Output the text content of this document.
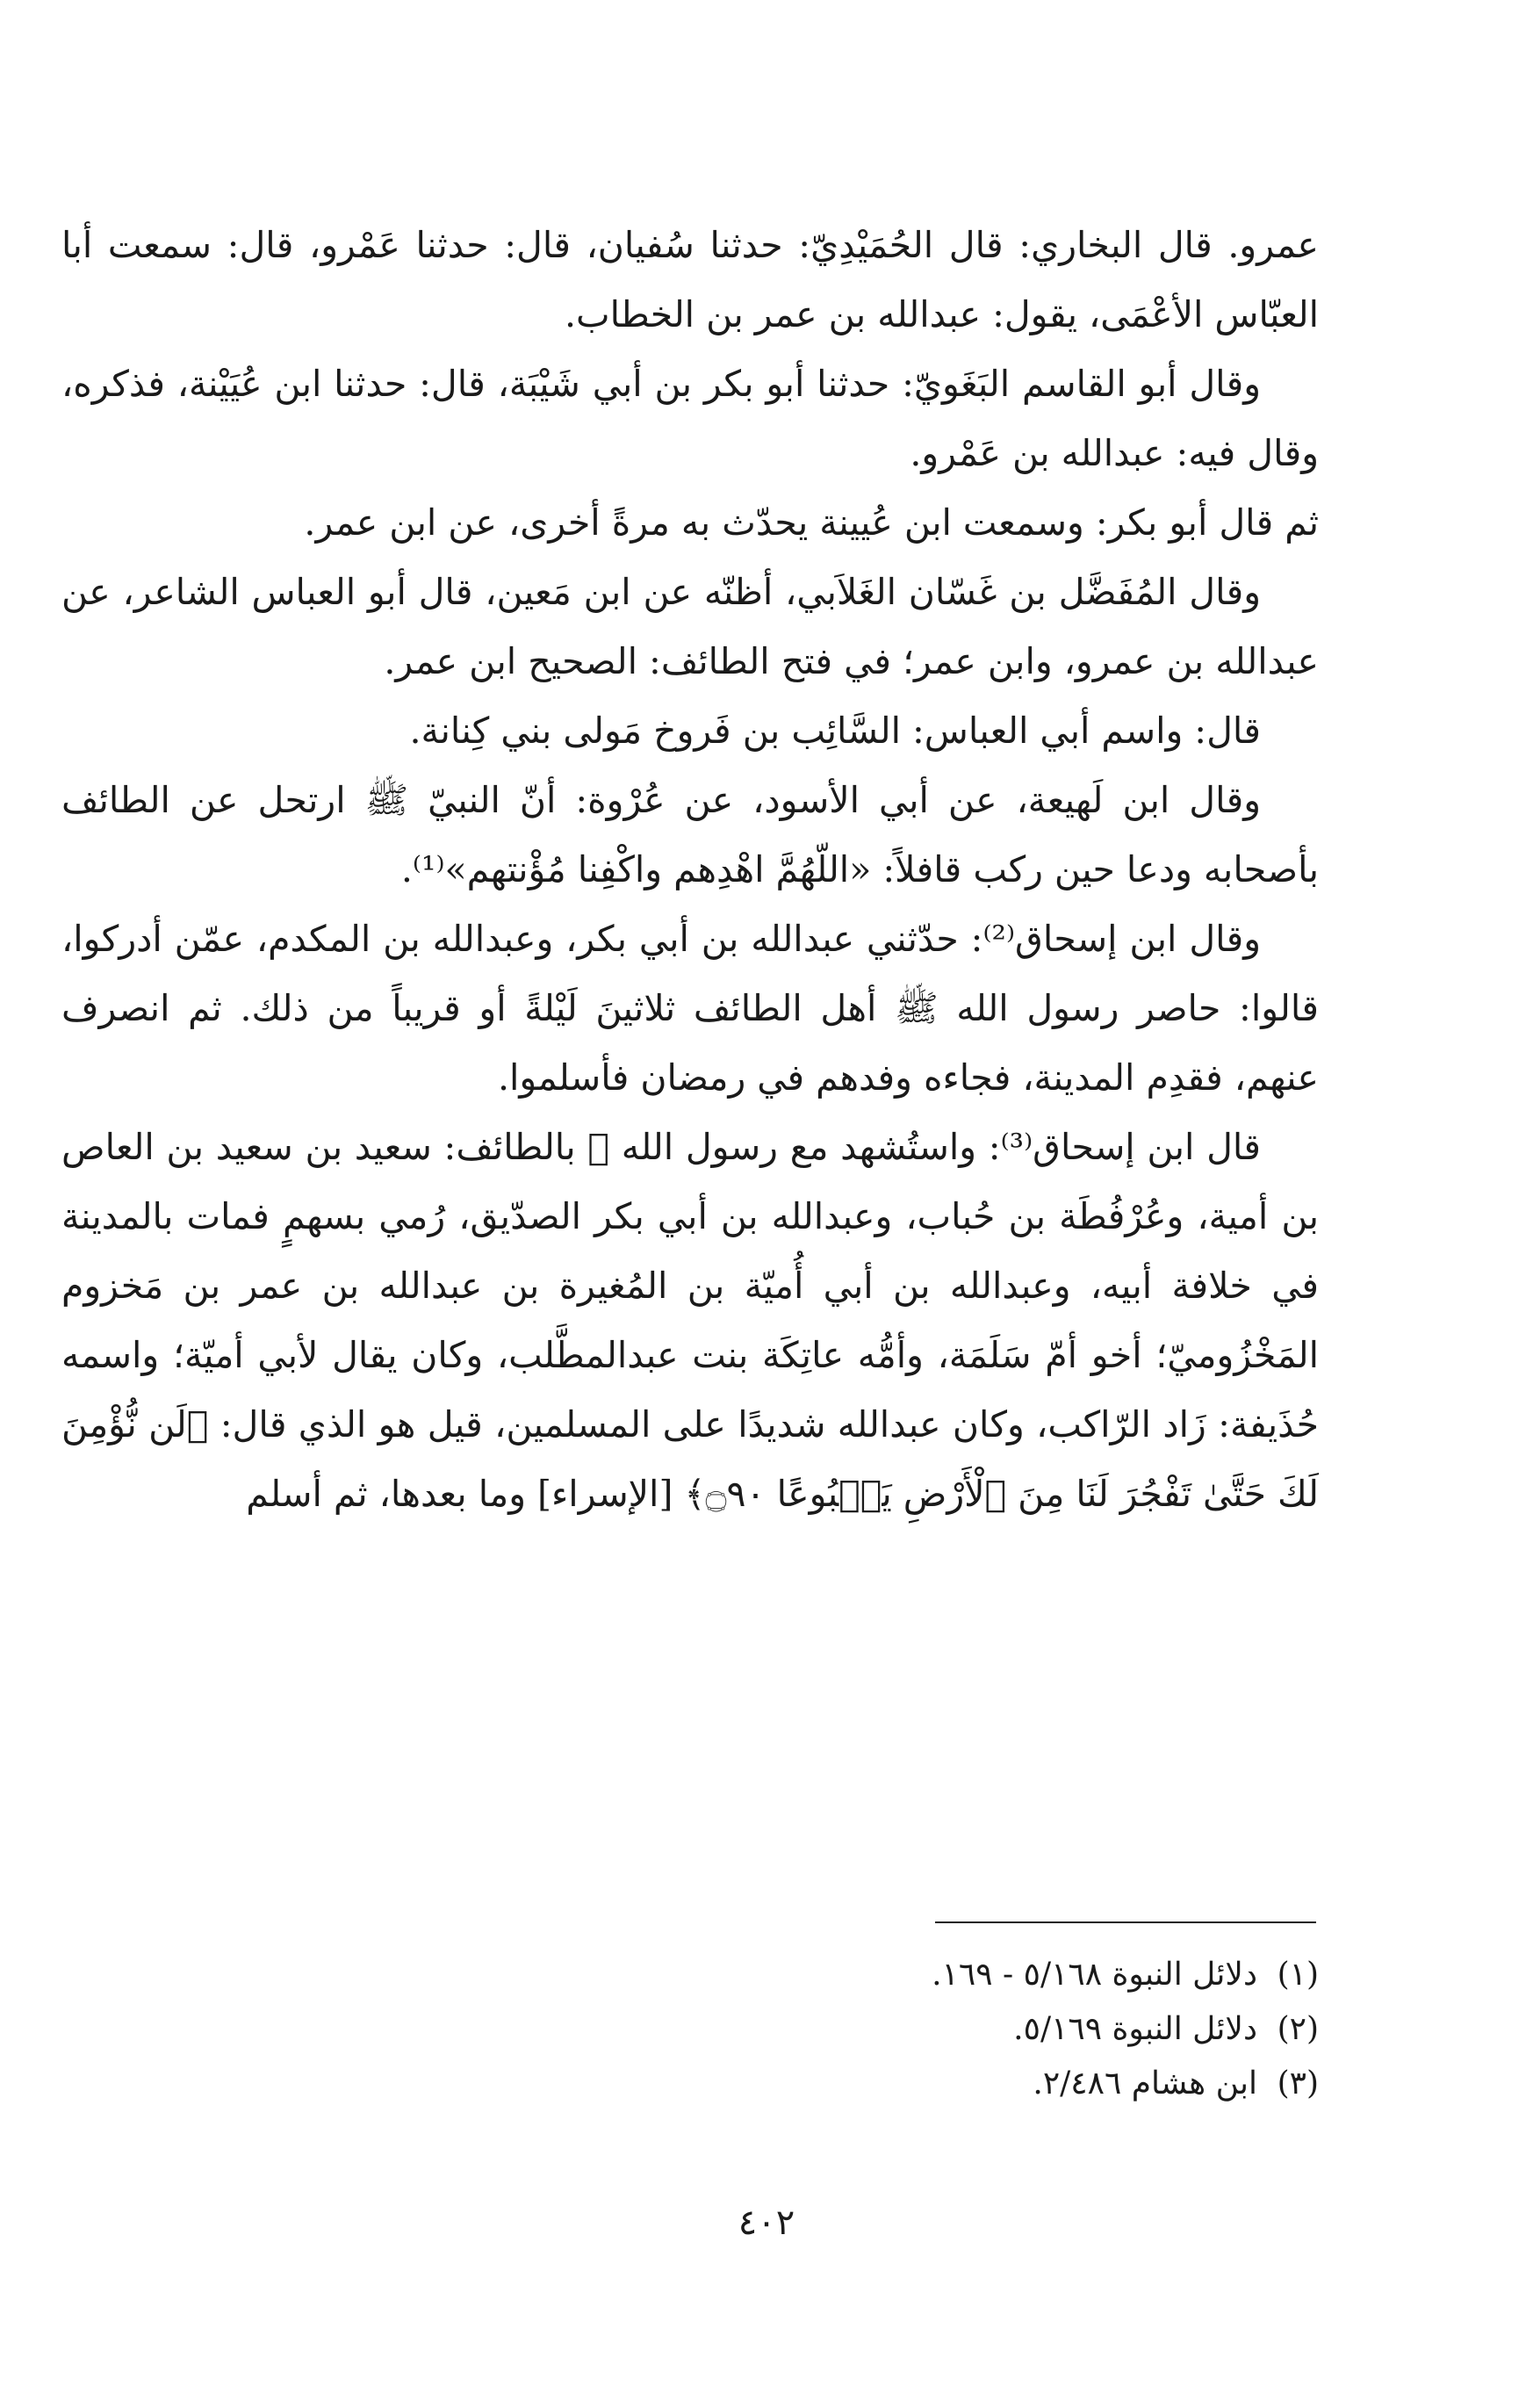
عمرو. قال البخاري: قال الحُمَيْدِيّ: حدثنا سُفيان، قال: حدثنا عَمْرو، قال: سمعت أبا العبّاس الأعْمَى، يقول: عبدالله بن عمر بن الخطاب.

وقال أبو القاسم البَغَويّ: حدثنا أبو بكر بن أبي شَيْبَة، قال: حدثنا ابن عُيَيْنة، فذكره، وقال فيه: عبدالله بن عَمْرو.

ثم قال أبو بكر: وسمعت ابن عُيينة يحدّث به مرةً أخرى، عن ابن عمر.

وقال المُفَضَّل بن غَسّان الغَلاَبي، أظنّه عن ابن مَعين، قال أبو العباس الشاعر، عن عبدالله بن عمرو، وابن عمر؛ في فتح الطائف: الصحيح ابن عمر.

قال: واسم أبي العباس: السَّائِب بن فَروخ مَولى بني كِنانة.

وقال ابن لَهيعة، عن أبي الأسود، عن عُرْوة: أنّ النبيّ ﷺ ارتحل عن الطائف بأصحابه ودعا حين ركب قافلاً: «اللّهُمَّ اهْدِهم واكْفِنا مُؤْنتهم»⁽¹⁾.

وقال ابن إسحاق⁽²⁾: حدّثني عبدالله بن أبي بكر، وعبدالله بن المكدم، عمّن أدركوا، قالوا: حاصر رسول الله ﷺ أهل الطائف ثلاثينَ لَيْلةً أو قريباً من ذلك. ثم انصرف عنهم، فقدِم المدينة، فجاءه وفدهم في رمضان فأسلموا.

قال ابن إسحاق⁽³⁾: واستُشهد مع رسول الله ﷺ بالطائف: سعيد بن سعيد بن العاص بن أمية، وعُرْفُطَة بن حُباب، وعبدالله بن أبي بكر الصدّيق، رُمي بسهمٍ فمات بالمدينة في خلافة أبيه، وعبدالله بن أبي أُميّة بن المُغيرة بن عبدالله بن عمر بن مَخزوم المَخْزُوميّ؛ أخو أمّ سَلَمَة، وأمُّه عاتِكَة بنت عبدالمطَّلب، وكان يقال لأبي أميّة؛ واسمه حُذَيفة: زَاد الرّاكب، وكان عبدالله شديدًا على المسلمين، قيل هو الذي قال: ﴿لَن نُّؤْمِنَ لَكَ حَتَّىٰ تَفْجُرَ لَنَا مِنَ ٱلْأَرْضِ يَنۢبُوعًا ۝٩٠﴾ [الإسراء] وما بعدها، ثم أسلم

(١)
دلائل النبوة ٥/١٦٨ - ١٦٩.
(٢)
دلائل النبوة ٥/١٦٩.
(٣)
ابن هشام ٢/٤٨٦.
٤٠٢
